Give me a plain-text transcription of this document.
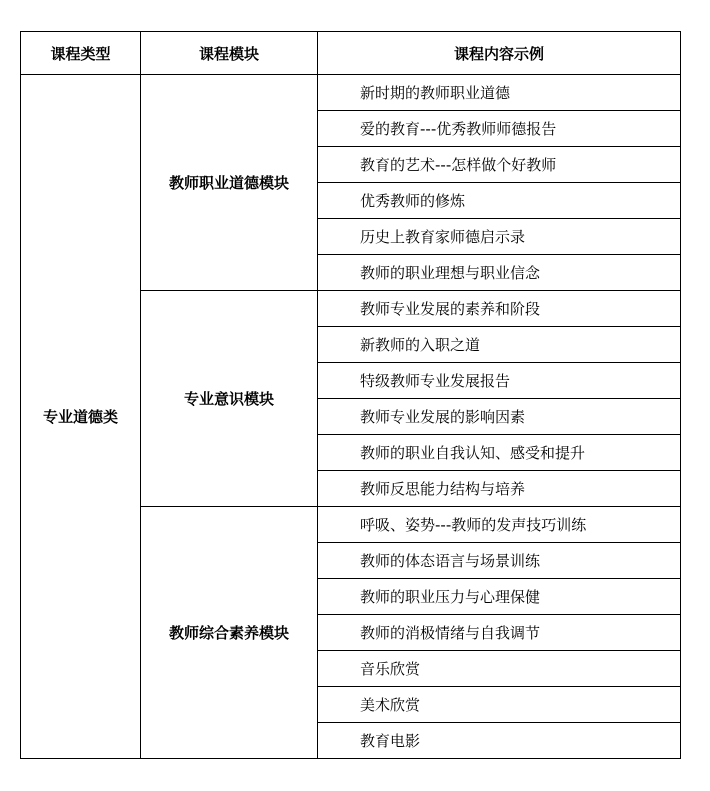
课程类型	课程模块	课程内容示例
专业道德类	教师职业道德模块	新时期的教师职业道德
		爱的教育---优秀教师师德报告
		教育的艺术---怎样做个好教师
		优秀教师的修炼
		历史上教育家师德启示录
		教师的职业理想与职业信念
	专业意识模块	教师专业发展的素养和阶段
		新教师的入职之道
		特级教师专业发展报告
		教师专业发展的影响因素
		教师的职业自我认知、感受和提升
		教师反思能力结构与培养
	教师综合素养模块	呼吸、姿势---教师的发声技巧训练
		教师的体态语言与场景训练
		教师的职业压力与心理保健
		教师的消极情绪与自我调节
		音乐欣赏
		美术欣赏
		教育电影
